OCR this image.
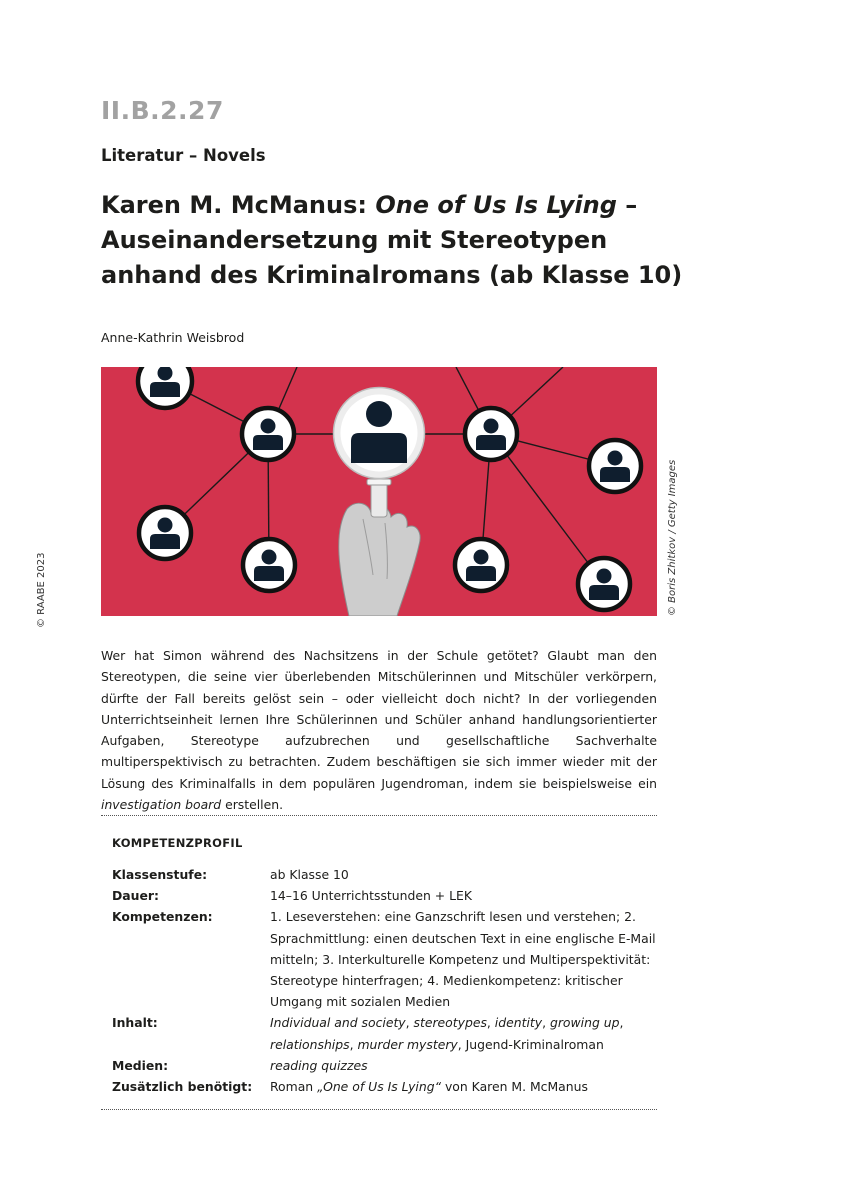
II.B.2.27
Literatur – Novels
Karen M. McManus: One of Us Is Lying – Auseinandersetzung mit Stereotypen anhand des Kriminalromans (ab Klasse 10)
Anne-Kathrin Weisbrod
© Boris Zhitkov / Getty Images
© RAABE 2023

Wer hat Simon während des Nachsitzens in der Schule getötet? Glaubt man den Stereotypen, die seine vier überlebenden Mitschülerinnen und Mitschüler verkörpern, dürfte der Fall bereits gelöst sein – oder vielleicht doch nicht? In der vorliegenden Unterrichtseinheit lernen Ihre Schülerinnen und Schüler anhand handlungsorientierter Aufgaben, Stereotype aufzubrechen und gesellschaftliche Sachverhalte multiperspektivisch zu betrachten. Zudem beschäftigen sie sich immer wieder mit der Lösung des Kriminalfalls in dem populären Jugendroman, indem sie beispielsweise ein investigation board erstellen.

KOMPETENZPROFIL
Klassenstufe:	ab Klasse 10
Dauer:	14–16 Unterrichtsstunden + LEK
Kompetenzen:	1. Leseverstehen: eine Ganzschrift lesen und verstehen; 2. Sprachmittlung: einen deutschen Text in eine englische E-Mail mitteln; 3. Interkulturelle Kompetenz und Multiperspektivität: Stereotype hinterfragen; 4. Medienkompetenz: kritischer Umgang mit sozialen Medien
Inhalt:	Individual and society, stereotypes, identity, growing up, relationships, murder mystery, Jugend-Kriminalroman
Medien:	reading quizzes
Zusätzlich benötigt:	Roman „One of Us Is Lying“ von Karen M. McManus
